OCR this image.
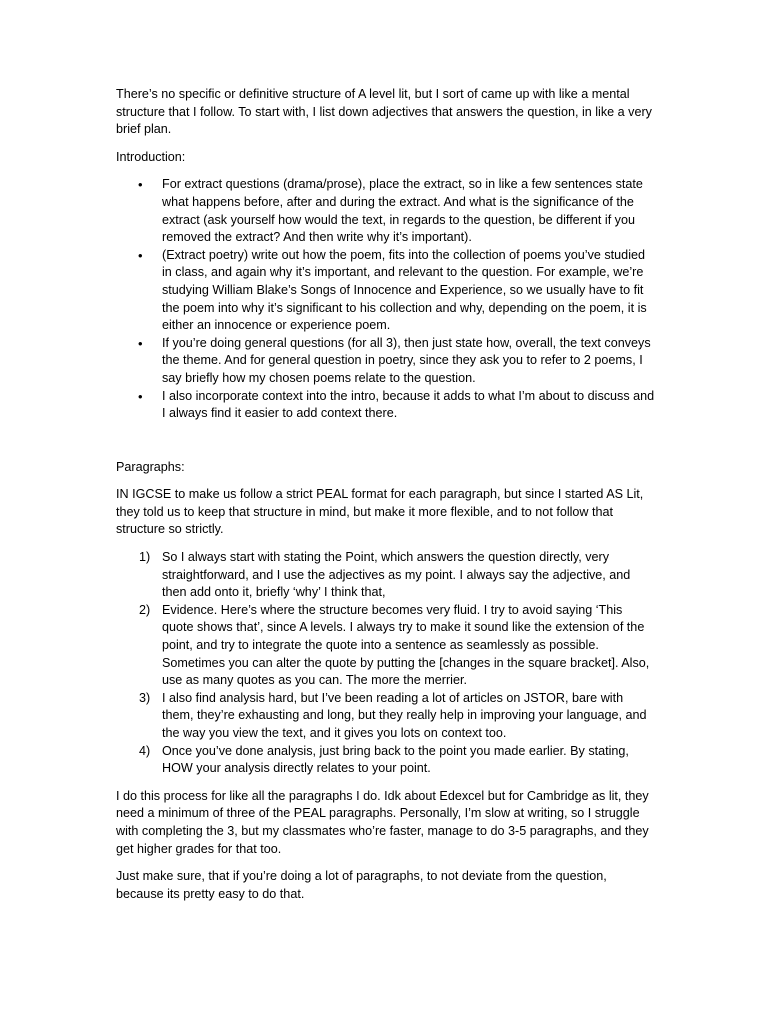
There’s no specific or definitive structure of A level lit, but I sort of came up with like a mental structure that I follow. To start with, I list down adjectives that answers the question, in like a very brief plan.

Introduction:

• For extract questions (drama/prose), place the extract, so in like a few sentences state what happens before, after and during the extract. And what is the significance of the extract (ask yourself how would the text, in regards to the question, be different if you removed the extract? And then write why it’s important).
• (Extract poetry) write out how the poem, fits into the collection of poems you’ve studied in class, and again why it’s important, and relevant to the question. For example, we’re studying William Blake’s Songs of Innocence and Experience, so we usually have to fit the poem into why it’s significant to his collection and why, depending on the poem, it is either an innocence or experience poem.
• If you’re doing general questions (for all 3), then just state how, overall, the text conveys the theme. And for general question in poetry, since they ask you to refer to 2 poems, I say briefly how my chosen poems relate to the question.
• I also incorporate context into the intro, because it adds to what I’m about to discuss and I always find it easier to add context there.

Paragraphs:

IN IGCSE to make us follow a strict PEAL format for each paragraph, but since I started AS Lit, they told us to keep that structure in mind, but make it more flexible, and to not follow that structure so strictly.

1) So I always start with stating the Point, which answers the question directly, very straightforward, and I use the adjectives as my point. I always say the adjective, and then add onto it, briefly ‘why’ I think that,
2) Evidence. Here’s where the structure becomes very fluid. I try to avoid saying ‘This quote shows that’, since A levels. I always try to make it sound like the extension of the point, and try to integrate the quote into a sentence as seamlessly as possible. Sometimes you can alter the quote by putting the [changes in the square bracket]. Also, use as many quotes as you can. The more the merrier.
3) I also find analysis hard, but I’ve been reading a lot of articles on JSTOR, bare with them, they’re exhausting and long, but they really help in improving your language, and the way you view the text, and it gives you lots on context too.
4) Once you’ve done analysis, just bring back to the point you made earlier. By stating, HOW your analysis directly relates to your point.

I do this process for like all the paragraphs I do. Idk about Edexcel but for Cambridge as lit, they need a minimum of three of the PEAL paragraphs. Personally, I’m slow at writing, so I struggle with completing the 3, but my classmates who’re faster, manage to do 3-5 paragraphs, and they get higher grades for that too.

Just make sure, that if you’re doing a lot of paragraphs, to not deviate from the question, because its pretty easy to do that.
